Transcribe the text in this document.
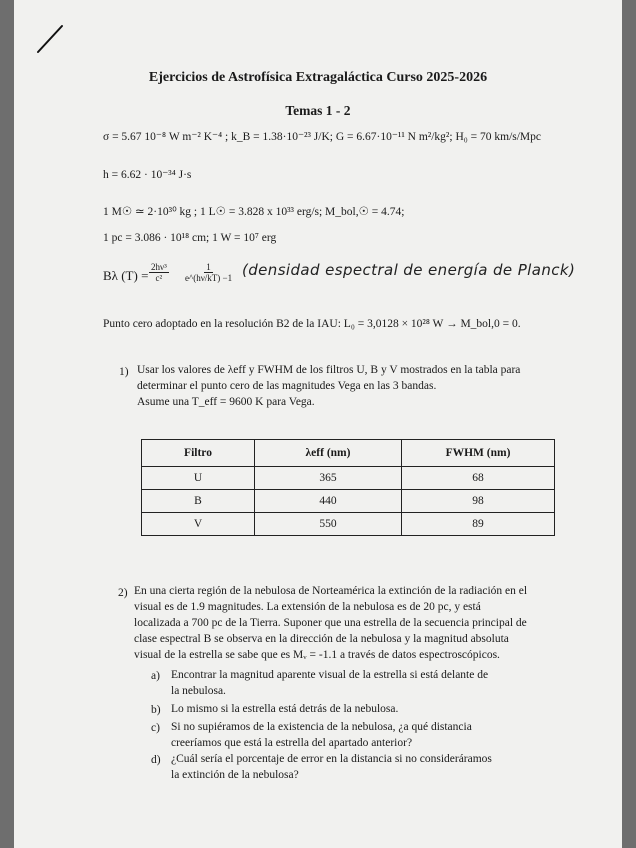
Ejercicios de Astrofísica Extragaláctica Curso 2025-2026
Temas 1 - 2
σ = 5.67 10⁻⁸ W m⁻² K⁻⁴ ; k_B = 1.38·10⁻²³ J/K; G = 6.67·10⁻¹¹ N m²/kg²; H₀ = 70 km/s/Mpc
h = 6.62 · 10⁻³⁴ J·s
1 M☉ ≃ 2·10³⁰ kg ; 1 L☉ = 3.828 x 10³³ erg/s; M_bol,☉ = 4.74;
1 pc = 3.086 · 10¹⁸ cm; 1 W = 10⁷ erg
Bλ $(T) = \frac{\text{2hν³}}{\text{c²}} \frac{1}{e\^{}(h\nu/kT) -1}$ (densidad espectral de energía de Planck)
Punto cero adoptado en la resolución B2 de la IAU: L₀ = 3,0128 × 10²⁸ W → M_bol,0 = 0.
1) Usar los valores de λeff y FWHM de los filtros U, B y V mostrados en la tabla para
determinar el punto cero de las magnitudes Vega en las 3 bandas.
Asume una T_eff = 9600 K para Vega.
Filtro	λeff (nm)	FWHM (nm)
U	365	68
B	440	98
V	550	89
2) En una cierta región de la nebulosa de Norteamérica la extinción de la radiación en el
visual es de 1.9 magnitudes. La extensión de la nebulosa es de 20 pc, y está
localizada a 700 pc de la Tierra. Suponer que una estrella de la secuencia principal de
clase espectral B se observa en la dirección de la nebulosa y la magnitud absoluta
visual de la estrella se sabe que es Mᵥ = -1.1 a través de datos espectroscópicos.
a) Encontrar la magnitud aparente visual de la estrella si está delante de
la nebulosa.
b) Lo mismo si la estrella está detrás de la nebulosa.
c) Si no supiéramos de la existencia de la nebulosa, ¿a qué distancia
creeríamos que está la estrella del apartado anterior?
d) ¿Cuál sería el porcentaje de error en la distancia si no consideráramos
la extinción de la nebulosa?
